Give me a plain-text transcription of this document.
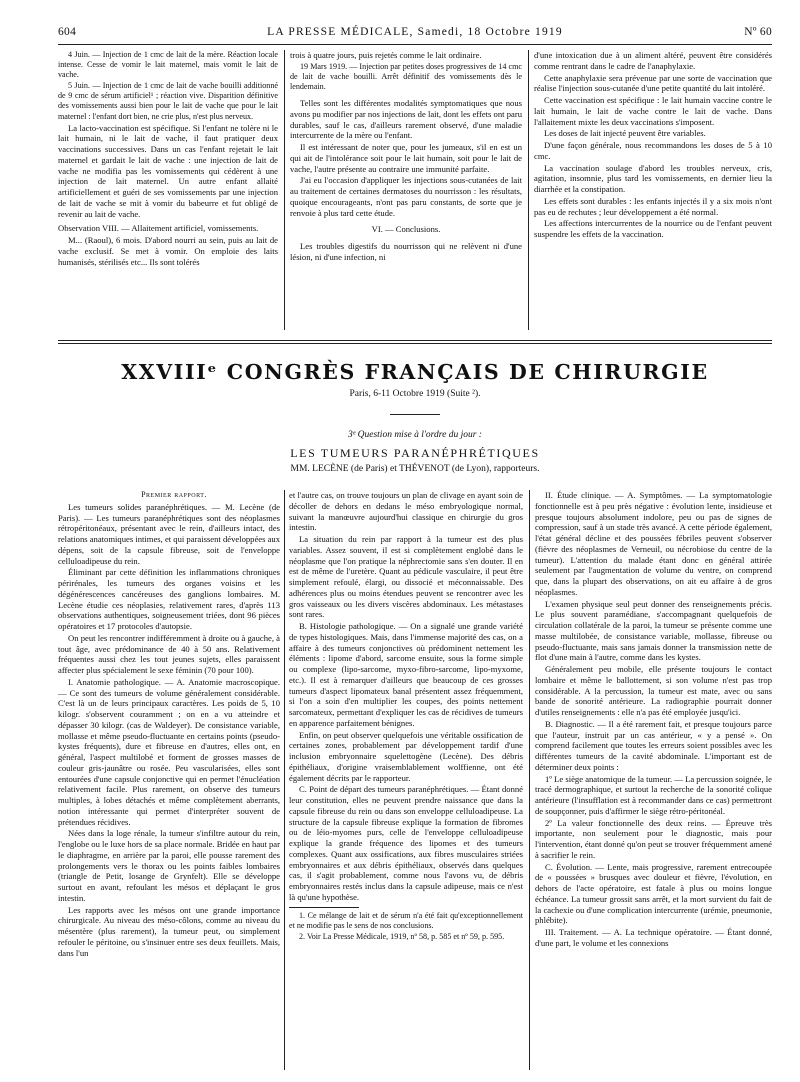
604	LA PRESSE MÉDICALE, Samedi, 18 Octobre 1919	Nº 60

4 Juin. — Injection de 1 cmc de lait de la mère. Réaction locale intense. Cesse de vomir le lait maternel, mais vomit le lait de vache.

5 Juin. — Injection de 1 cmc de lait de vache bouilli additionné de 9 cmc de sérum artificiel¹ ; réaction vive. Disparition définitive des vomissements aussi bien pour le lait de vache que pour le lait maternel : l'enfant dort bien, ne crie plus, n'est plus nerveux.

La lacto-vaccination est spécifique. Si l'enfant ne tolère ni le lait humain, ni le lait de vache, il faut pratiquer deux vaccinations successives. Dans un cas l'enfant rejetait le lait maternel et gardait le lait de vache : une injection de lait de vache ne modifia pas les vomissements qui cédèrent à une injection de lait maternel. Un autre enfant allaité artificiellement et guéri de ses vomissements par une injection de lait de vache se mit à vomir du babeurre et fut obligé de revenir au lait de vache.

Observation VIII. — Allaitement artificiel, vomissements.

M... (Raoul), 6 mois. D'abord nourri au sein, puis au lait de vache exclusif. Se met à vomir. On emploie des laits humanisés, stérilisés etc... Ils sont tolérés

trois à quatre jours, puis rejetés comme le lait ordinaire.

19 Mars 1919. — Injection par petites doses progressives de 14 cmc de lait de vache bouilli. Arrêt définitif des vomissements dès le lendemain.

Telles sont les différentes modalités symptomatiques que nous avons pu modifier par nos injections de lait, dont les effets ont paru durables, sauf le cas, d'ailleurs rarement observé, d'une maladie intercurrente de la mère ou l'enfant.

Il est intéressant de noter que, pour les jumeaux, s'il en est un qui ait de l'intolérance soit pour le lait humain, soit pour le lait de vache, l'autre présente au contraire une immunité parfaite.

J'ai eu l'occasion d'appliquer les injections sous-cutanées de lait au traitement de certaines dermatoses du nourrisson : les résultats, quoique encourageants, n'ont pas paru constants, de sorte que je renvoie à plus tard cette étude.

VI. — Conclusions.

Les troubles digestifs du nourrisson qui ne relèvent ni d'une lésion, ni d'une infection, ni

d'une intoxication due à un aliment altéré, peuvent être considérés comme rentrant dans le cadre de l'anaphylaxie.

Cette anaphylaxie sera prévenue par une sorte de vaccination que réalise l'injection sous-cutanée d'une petite quantité du lait intoléré.

Cette vaccination est spécifique : le lait humain vaccine contre le lait humain, le lait de vache contre le lait de vache. Dans l'allaitement mixte les deux vaccinations s'imposent.

Les doses de lait injecté peuvent être variables.

D'une façon générale, nous recommandons les doses de 5 à 10 cmc.

La vaccination soulage d'abord les troubles nerveux, cris, agitation, insomnie, plus tard les vomissements, en dernier lieu la diarrhée et la constipation.

Les effets sont durables : les enfants injectés il y a six mois n'ont pas eu de rechutes ; leur développement a été normal.

Les affections intercurrentes de la nourrice ou de l'enfant peuvent suspendre les effets de la vaccination.

XXVIIIᵉ CONGRÈS FRANÇAIS DE CHIRURGIE
Paris, 6-11 Octobre 1919 (Suite ²).
3ᵉ Question mise à l'ordre du jour :
LES TUMEURS PARANÉPHRÉTIQUES
MM. LECÈNE (de Paris) et THÉVENOT (de Lyon), rapporteurs.

Premier rapport.

Les tumeurs solides paranéphrétiques. — M. Lecène (de Paris). — Les tumeurs paranéphrétiques sont des néoplasmes rétropéritonéaux, présentant avec le rein, d'ailleurs intact, des relations anatomiques intimes, et qui paraissent développées aux dépens, soit de la capsule fibreuse, soit de l'enveloppe celluloadipeuse du rein.

Éliminant par cette définition les inflammations chroniques périrénales, les tumeurs des organes voisins et les dégénérescences cancéreuses des ganglions lombaires. M. Lecène étudie ces néoplasies, relativement rares, d'après 113 observations authentiques, soigneusement triées, dont 96 pièces opératoires et 17 protocoles d'autopsie.

On peut les rencontrer indifféremment à droite ou à gauche, à tout âge, avec prédominance de 40 à 50 ans. Relativement fréquentes aussi chez les tout jeunes sujets, elles paraissent affecter plus spécialement le sexe féminin (70 pour 100).

I. Anatomie pathologique. — A. Anatomie macroscopique. — Ce sont des tumeurs de volume généralement considérable. C'est là un de leurs principaux caractères. Les poids de 5, 10 kilogr. s'observent couramment ; on en a vu atteindre et dépasser 30 kilogr. (cas de Waldeyer). De consistance variable, mollasse et même pseudo-fluctuante en certains points (pseudo-kystes fréquents), dure et fibreuse en d'autres, elles ont, en général, l'aspect multilobé et forment de grosses masses de couleur gris-jaunâtre ou rosée. Peu vascularisées, elles sont entourées d'une capsule conjonctive qui en permet l'énucléation relativement facile. Plus rarement, on observe des tumeurs multiples, à lobes détachés et même complètement aberrants, notion intéressante qui permet d'interpréter souvent de prétendues récidives.

Nées dans la loge rénale, la tumeur s'infiltre autour du rein, l'englobe ou le luxe hors de sa place normale. Bridée en haut par le diaphragme, en arrière par la paroi, elle pousse rarement des prolongements vers le thorax ou les points faibles lombaires (triangle de Petit, losange de Grynfelt). Elle se développe surtout en avant, refoulant les mésos et déplaçant le gros intestin.

Les rapports avec les mésos ont une grande importance chirurgicale. Au niveau des méso-côlons, comme au niveau du mésentère (plus rarement), la tumeur peut, ou simplement refouler le péritoine, ou s'insinuer entre ses deux feuillets. Mais, dans l'un

et l'autre cas, on trouve toujours un plan de clivage en ayant soin de décoller de dehors en dedans le méso embryologique normal, suivant la manœuvre aujourd'hui classique en chirurgie du gros intestin.

La situation du rein par rapport à la tumeur est des plus variables. Assez souvent, il est si complètement englobé dans le néoplasme que l'on pratique la néphrectomie sans s'en douter. Il en est de même de l'uretère. Quant au pédicule vasculaire, il peut être simplement refoulé, élargi, ou dissocié et méconnaissable. Des adhérences plus ou moins étendues peuvent se rencontrer avec les gros vaisseaux ou les divers viscères abdominaux. Les métastases sont rares.

B. Histologie pathologique. — On a signalé une grande variété de types histologiques. Mais, dans l'immense majorité des cas, on a affaire à des tumeurs conjonctives où prédominent nettement les éléments : lipome d'abord, sarcome ensuite, sous la forme simple ou complexe (lipo-sarcome, myxo-fibro-sarcome, lipo-myxome, etc.). Il est à remarquer d'ailleurs que beaucoup de ces grosses tumeurs d'aspect lipomateux banal présentent assez fréquemment, si l'on a soin d'en multiplier les coupes, des points nettement sarcomateux, permettant d'expliquer les cas de récidives de tumeurs en apparence parfaitement bénignes.

Enfin, on peut observer quelquefois une véritable ossification de certaines zones, probablement par développement tardif d'une inclusion embryonnaire squelettogène (Lecène). Des débris épithéliaux, d'origine vraisemblablement wolffienne, ont été également décrits par le rapporteur.

C. Point de départ des tumeurs paranéphrétiques. — Étant donné leur constitution, elles ne peuvent prendre naissance que dans la capsule fibreuse du rein ou dans son enveloppe celluloadipeuse. La structure de la capsule fibreuse explique la formation de fibromes ou de léio-myomes purs, celle de l'enveloppe celluloadipeuse explique la grande fréquence des lipomes et des tumeurs complexes. Quant aux ossifications, aux fibres musculaires striées embryonnaires et aux débris épithéliaux, observés dans quelques cas, il s'agit probablement, comme nous l'avons vu, de débris embryonnaires restés inclus dans la capsule adipeuse, mais ce n'est là qu'une hypothèse.

1. Ce mélange de lait et de sérum n'a été fait qu'exceptionnellement et ne modifie pas le sens de nos conclusions.

2. Voir La Presse Médicale, 1919, nº 58, p. 585 et nº 59, p. 595.

II. Étude clinique. — A. Symptômes. — La symptomatologie fonctionnelle est à peu près négative : évolution lente, insidieuse et presque toujours absolument indolore, peu ou pas de signes de compression, sauf à un stade très avancé. A cette période également, l'état général décline et des poussées fébriles peuvent s'observer (fièvre des néoplasmes de Verneuil, ou nécrobiose du centre de la tumeur). L'attention du malade étant donc en général attirée seulement par l'augmentation de volume du ventre, on comprend que, dans la plupart des observations, on ait eu affaire à de gros néoplasmes.

L'examen physique seul peut donner des renseignements précis. Le plus souvent paramédiane, s'accompagnant quelquefois de circulation collatérale de la paroi, la tumeur se présente comme une masse multilobée, de consistance variable, mollasse, fibreuse ou pseudo-fluctuante, mais sans jamais donner la transmission nette de flot d'une main à l'autre, comme dans les kystes.

Généralement peu mobile, elle présente toujours le contact lombaire et même le ballottement, si son volume n'est pas trop considérable. A la percussion, la tumeur est mate, avec ou sans bande de sonorité antérieure. La radiographie pourrait donner d'utiles renseignements : elle n'a pas été employée jusqu'ici.

B. Diagnostic. — Il a été rarement fait, et presque toujours parce que l'auteur, instruit par un cas antérieur, « y a pensé ». On comprend facilement que toutes les erreurs soient possibles avec les différentes tumeurs de la cavité abdominale. L'important est de déterminer deux points :

1º Le siège anatomique de la tumeur. — La percussion soignée, le tracé dermographique, et surtout la recherche de la sonorité colique antérieure (l'insufflation est à recommander dans ce cas) permettront de soupçonner, puis d'affirmer le siège rétro-péritonéal.

2º La valeur fonctionnelle des deux reins. — Épreuve très importante, non seulement pour le diagnostic, mais pour l'intervention, étant donné qu'on peut se trouver fréquemment amené à sacrifier le rein.

C. Évolution. — Lente, mais progressive, rarement entrecoupée de « poussées » brusques avec douleur et fièvre, l'évolution, en dehors de l'acte opératoire, est fatale à plus ou moins longue échéance. La tumeur grossit sans arrêt, et la mort survient du fait de la cachexie ou d'une complication intercurrente (urémie, pneumonie, phlébite).

III. Traitement. — A. La technique opératoire. — Étant donné, d'une part, le volume et les connexions
